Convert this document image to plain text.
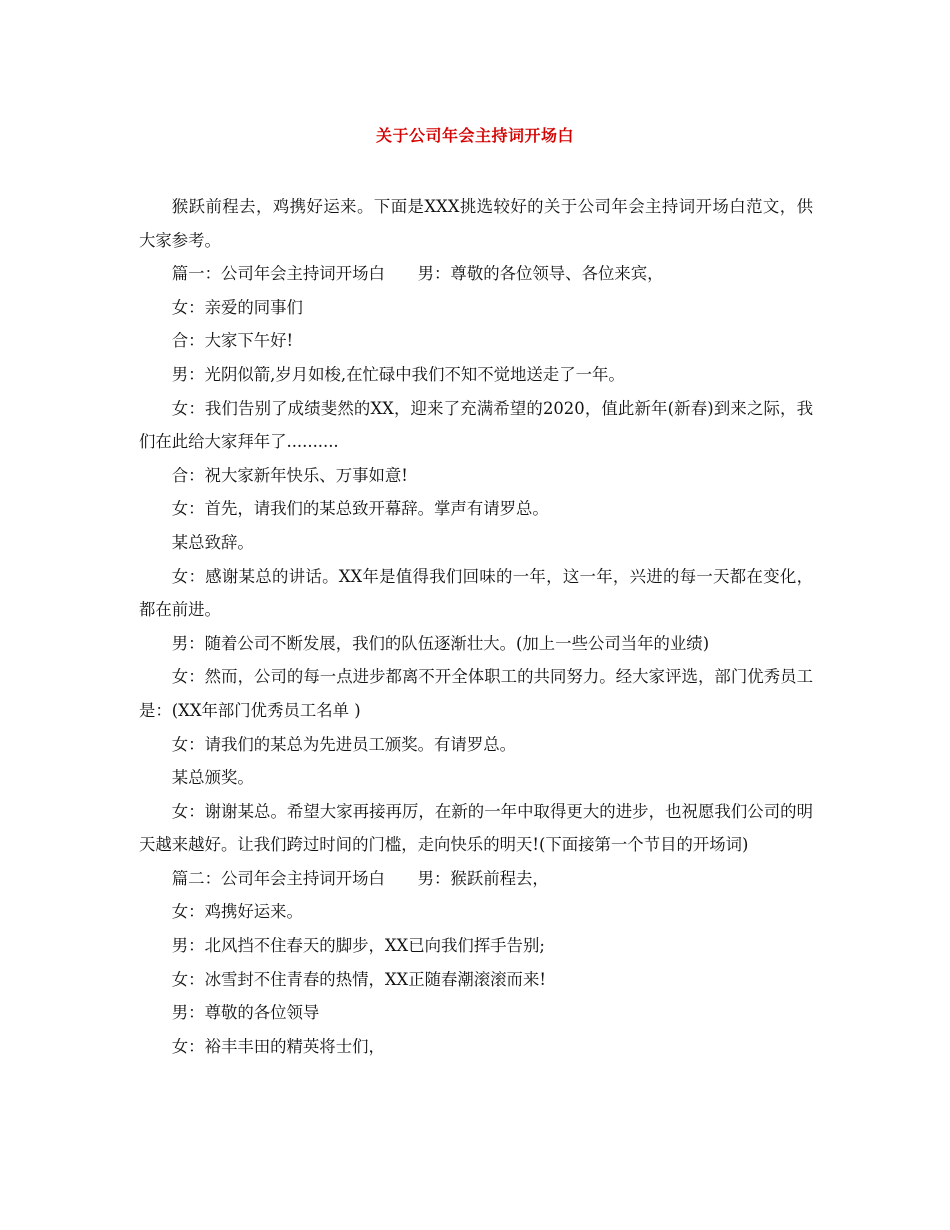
关于公司年会主持词开场白

猴跃前程去，鸡携好运来。下面是XXX挑选较好的关于公司年会主持词开场白范文，供大家参考。

篇一：公司年会主持词开场白　　男：尊敬的各位领导、各位来宾，

女：亲爱的同事们

合：大家下午好!

男：光阴似箭,岁月如梭,在忙碌中我们不知不觉地送走了一年。

女：我们告别了成绩斐然的XX，迎来了充满希望的2020，值此新年(新春)到来之际，我们在此给大家拜年了..........

合：祝大家新年快乐、万事如意!

女：首先，请我们的某总致开幕辞。掌声有请罗总。

某总致辞。

女：感谢某总的讲话。XX年是值得我们回味的一年，这一年，兴进的每一天都在变化，都在前进。

男：随着公司不断发展，我们的队伍逐渐壮大。(加上一些公司当年的业绩)

女：然而，公司的每一点进步都离不开全体职工的共同努力。经大家评选，部门优秀员工是：(XX年部门优秀员工名单 )

女：请我们的某总为先进员工颁奖。有请罗总。

某总颁奖。

女：谢谢某总。希望大家再接再厉，在新的一年中取得更大的进步，也祝愿我们公司的明天越来越好。让我们跨过时间的门槛，走向快乐的明天!(下面接第一个节目的开场词)

篇二：公司年会主持词开场白　　男：猴跃前程去，

女：鸡携好运来。

男：北风挡不住春天的脚步，XX已向我们挥手告别;

女：冰雪封不住青春的热情，XX正随春潮滚滚而来!

男：尊敬的各位领导

女：裕丰丰田的精英将士们，
